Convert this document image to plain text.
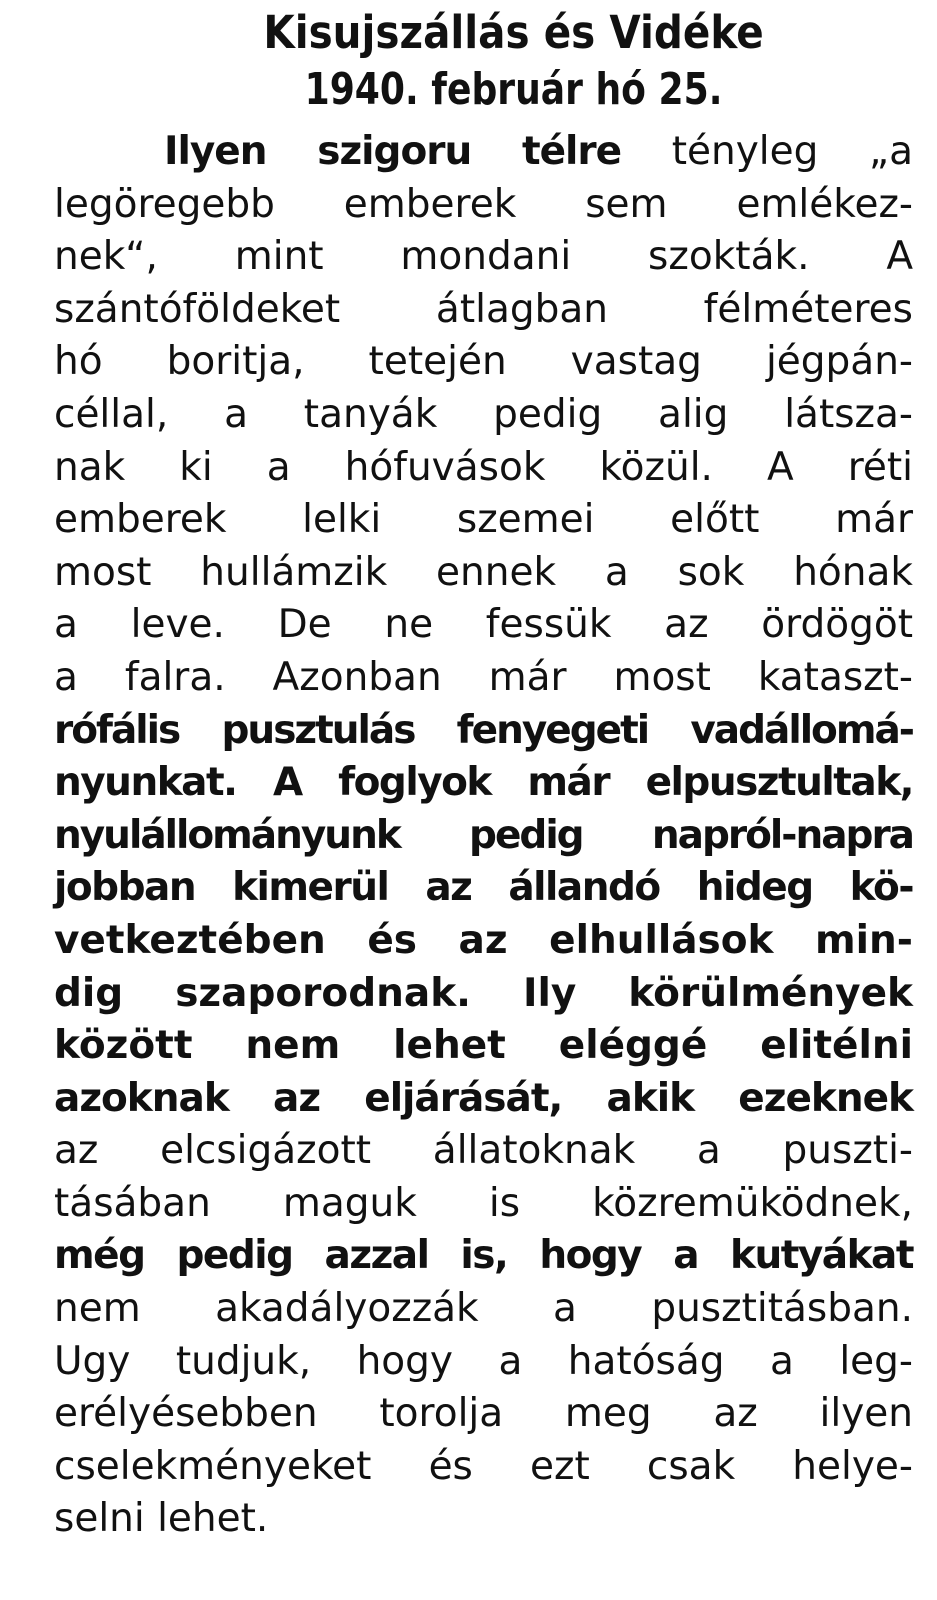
Kisujszállás és Vidéke
1940. február hó 25.
Ilyen szigoru télre tényleg „a
legöregebb emberek sem emlékez-
nek“, mint mondani szokták. A
szántóföldeket átlagban félméteres
hó boritja, tetején vastag jégpán-
céllal, a tanyák pedig alig látsza-
nak ki a hófuvások közül. A réti
emberek lelki szemei előtt már
most hullámzik ennek a sok hónak
a leve. De ne fessük az ördögöt
a falra. Azonban már most kataszt-
rófális pusztulás fenyegeti vadállomá-
nyunkat. A foglyok már elpusztultak,
nyulállományunk pedig napról-napra
jobban kimerül az állandó hideg kö-
vetkeztében és az elhullások min-
dig szaporodnak. Ily körülmények
között nem lehet eléggé elitélni
azoknak az eljárását, akik ezeknek
az elcsigázott állatoknak a puszti-
tásában maguk is közremüködnek,
még pedig azzal is, hogy a kutyákat
nem akadályozzák a pusztitásban.
Ugy tudjuk, hogy a hatóság a leg-
erélyésebben torolja meg az ilyen
cselekményeket és ezt csak helye-
selni lehet.
